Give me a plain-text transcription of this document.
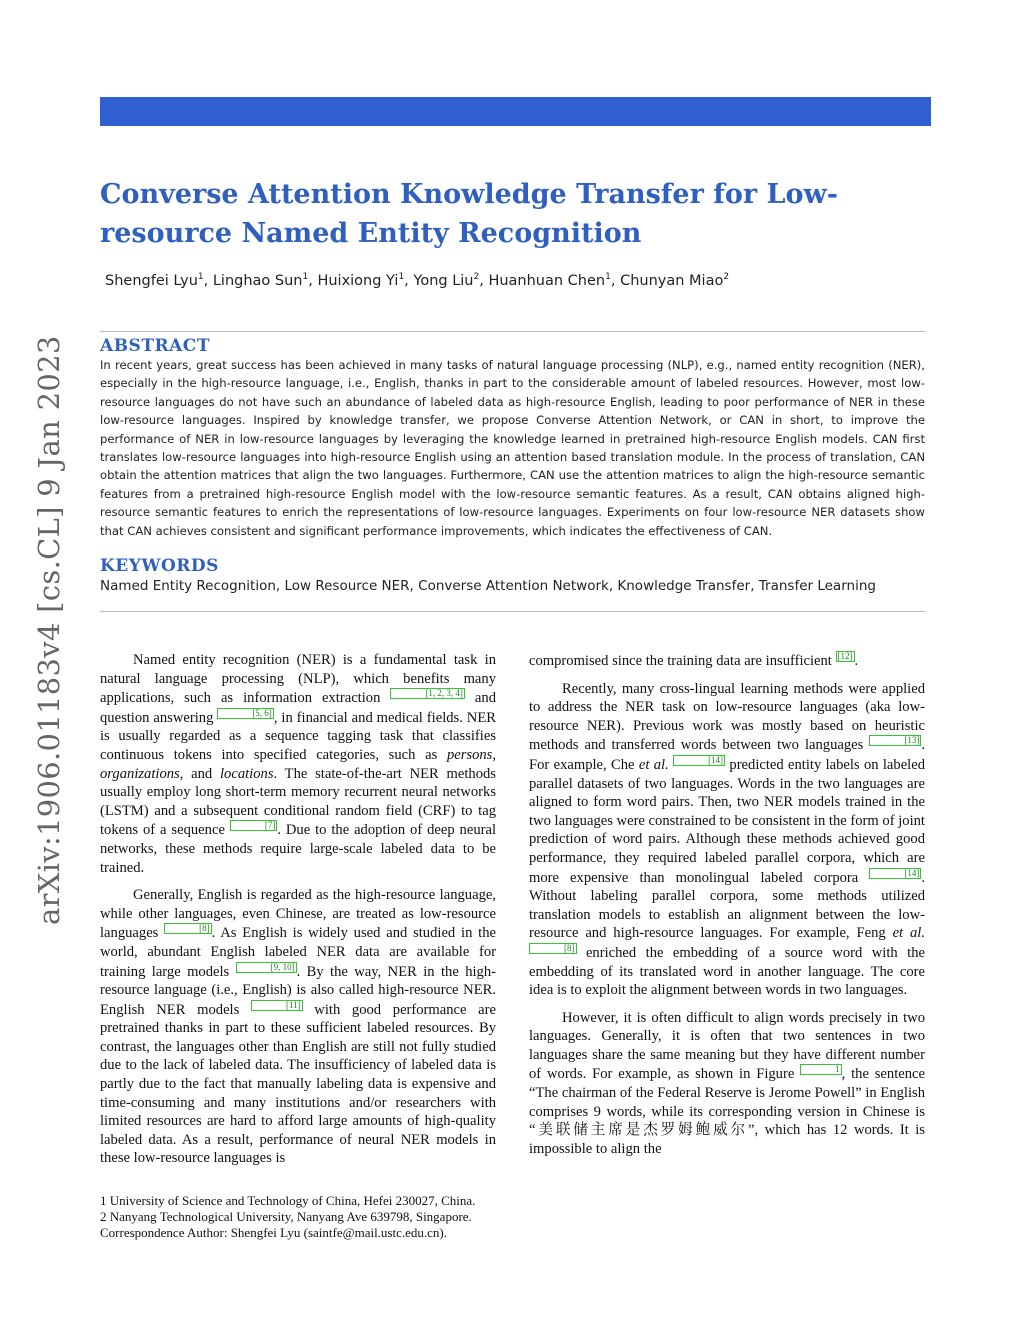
arXiv:1906.01183v4 [cs.CL] 9 Jan 2023
Converse Attention Knowledge Transfer for Low-resource Named Entity Recognition
Shengfei Lyu$^1$, Linghao Sun$^1$, Huixiong Yi$^1$, Yong Liu$^2$, Huanhuan Chen$^1$, Chunyan Miao$^2$
ABSTRACT
In recent years, great success has been achieved in many tasks of natural language processing (NLP), e.g., named entity recognition (NER), especially in the high-resource language, i.e., English, thanks in part to the considerable amount of labeled resources. However, most low-resource languages do not have such an abundance of labeled data as high-resource English, leading to poor performance of NER in these low-resource languages. Inspired by knowledge transfer, we propose Converse Attention Network, or CAN in short, to improve the performance of NER in low-resource languages by leveraging the knowledge learned in pretrained high-resource English models. CAN first translates low-resource languages into high-resource English using an attention based translation module. In the process of translation, CAN obtain the attention matrices that align the two languages. Furthermore, CAN use the attention matrices to align the high-resource semantic features from a pretrained high-resource English model with the low-resource semantic features. As a result, CAN obtains aligned high-resource semantic features to enrich the representations of low-resource languages. Experiments on four low-resource NER datasets show that CAN achieves consistent and significant performance improvements, which indicates the effectiveness of CAN.
KEYWORDS
Named Entity Recognition, Low Resource NER, Converse Attention Network, Knowledge Transfer, Transfer Learning

Named entity recognition (NER) is a fundamental task in natural language processing (NLP), which benefits many applications, such as information extraction	[1, 2, 3, 4] and question answering	[5, 6] , in financial and medical fields. NER is usually regarded as a sequence tagging task that classifies continuous tokens into specified categories, such as persons, organizations, and locations. The state-of-the-art NER methods usually employ long short-term memory recurrent neural networks (LSTM) and a subsequent conditional random field (CRF) to tag tokens of a sequence	[7] . Due to the adoption of deep neural networks, these methods require large-scale labeled data to be trained.

Generally, English is regarded as the high-resource language, while other languages, even Chinese, are treated as low-resource languages	[8] . As English is widely used and studied in the world, abundant English labeled NER data are available for training large models	[9, 10] . By the way, NER in the high-resource language (i.e., English) is also called high-resource NER. English NER models	[11] with good performance are pretrained thanks in part to these sufficient labeled resources. By contrast, the languages other than English are still not fully studied due to the lack of labeled data. The insufficiency of labeled data is partly due to the fact that manually labeling data is expensive and time-consuming and many institutions and/or researchers with limited resources are hard to afford large amounts of high-quality labeled data. As a result, performance of neural NER models in these low-resource languages is

compromised since the training data are insufficient [12] .

Recently, many cross-lingual learning methods were applied to address the NER task on low-resource languages (aka low-resource NER). Previous work was mostly based on heuristic methods and transferred words between two languages	[13] . For example, Che et al.	[14] predicted entity labels on labeled parallel datasets of two languages. Words in the two languages are aligned to form word pairs. Then, two NER models trained in the two languages were constrained to be consistent in the form of joint prediction of word pairs. Although these methods achieved good performance, they required labeled parallel corpora, which are more expensive than monolingual labeled corpora	[14] . Without labeling parallel corpora, some methods utilized translation models to establish an alignment between the low-resource and high-resource languages. For example, Feng et al. [8] enriched the embedding of a source word with the embedding of its translated word in another language. The core idea is to exploit the alignment between words in two languages.

However, it is often difficult to align words precisely in two languages. Generally, it is often that two sentences in two languages share the same meaning but they have different number of words. For example, as shown in Figure	1 , the sentence “The chairman of the Federal Reserve is Jerome Powell” in English comprises 9 words, while its corresponding version in Chinese is “美联储主席是杰罗姆鲍威尔”, which has 12 words. It is impossible to align the

1 University of Science and Technology of China, Hefei 230027, China.
2 Nanyang Technological University, Nanyang Ave 639798, Singapore.
Correspondence Author: Shengfei Lyu (saintfe@mail.ustc.edu.cn).
